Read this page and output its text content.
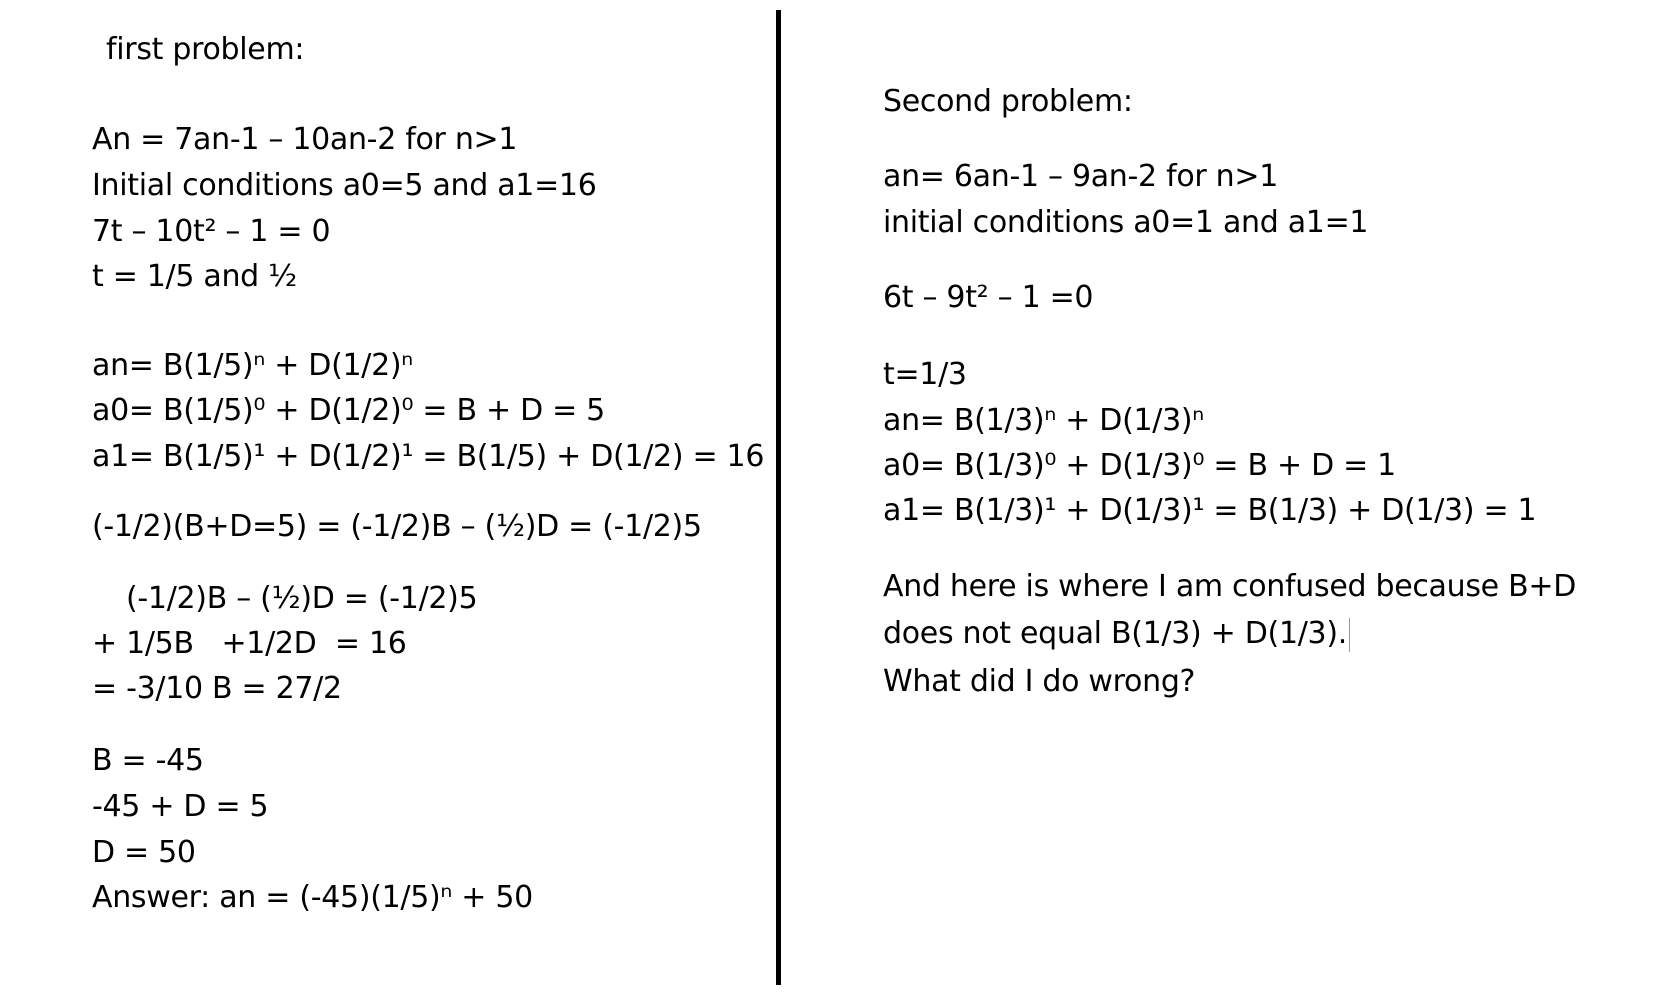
first problem:
An = 7an-1 – 10an-2 for n>1
Initial conditions a0=5 and a1=16
7t – 10t² – 1 = 0
t = 1/5 and ½
an= B(1/5)ⁿ + D(1/2)ⁿ
a0= B(1/5)⁰ + D(1/2)⁰ = B + D = 5
a1= B(1/5)¹ + D(1/2)¹ = B(1/5) + D(1/2) = 16
(-1/2)(B+D=5) = (-1/2)B – (½)D = (-1/2)5
(-1/2)B – (½)D = (-1/2)5
+ 1/5B   +1/2D  = 16
= -3/10 B = 27/2
B = -45
-45 + D = 5
D = 50
Answer: an = (-45)(1/5)ⁿ + 50
Second problem:
an= 6an-1 – 9an-2 for n>1
initial conditions a0=1 and a1=1
6t – 9t² – 1 =0
t=1/3
an= B(1/3)ⁿ + D(1/3)ⁿ
a0= B(1/3)⁰ + D(1/3)⁰ = B + D = 1
a1= B(1/3)¹ + D(1/3)¹ = B(1/3) + D(1/3) = 1
And here is where I am confused because B+D
does not equal B(1/3) + D(1/3).
What did I do wrong?
